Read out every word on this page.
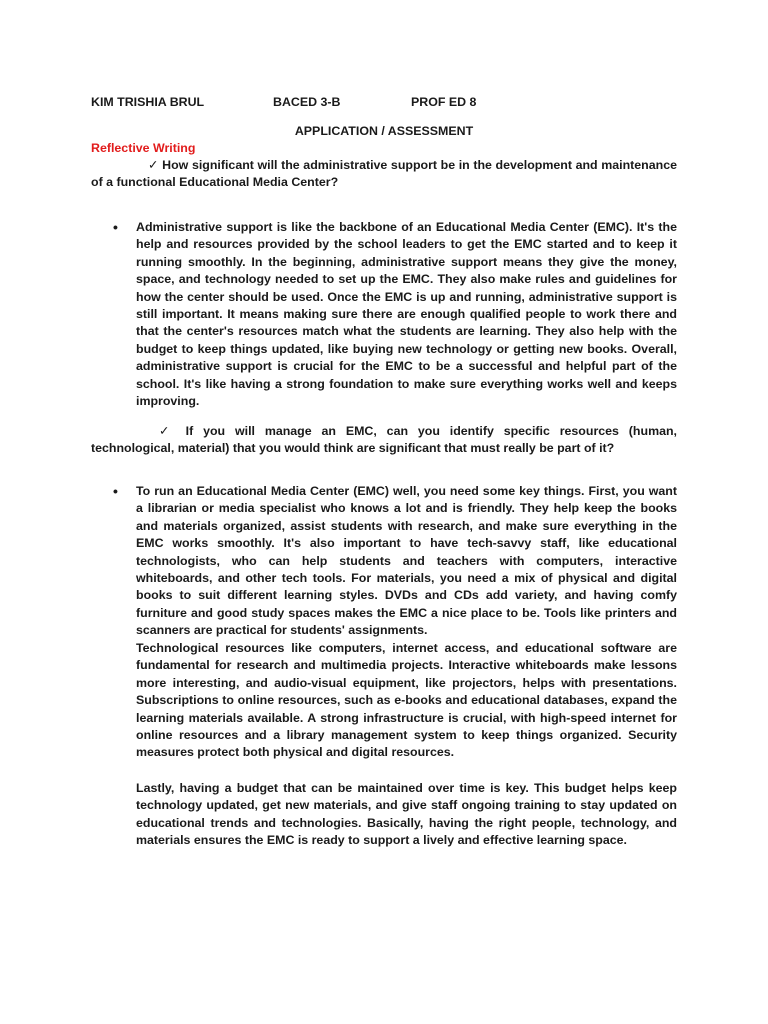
KIM TRISHIA BRUL	BACED 3-B	PROF ED 8
APPLICATION / ASSESSMENT
Reflective Writing
✓ How significant will the administrative support be in the development and maintenance of a functional Educational Media Center?
• Administrative support is like the backbone of an Educational Media Center (EMC). It's the help and resources provided by the school leaders to get the EMC started and to keep it running smoothly. In the beginning, administrative support means they give the money, space, and technology needed to set up the EMC. They also make rules and guidelines for how the center should be used. Once the EMC is up and running, administrative support is still important. It means making sure there are enough qualified people to work there and that the center's resources match what the students are learning. They also help with the budget to keep things updated, like buying new technology or getting new books. Overall, administrative support is crucial for the EMC to be a successful and helpful part of the school. It's like having a strong foundation to make sure everything works well and keeps improving.
✓ If you will manage an EMC, can you identify specific resources (human, technological, material) that you would think are significant that must really be part of it?
• To run an Educational Media Center (EMC) well, you need some key things. First, you want a librarian or media specialist who knows a lot and is friendly. They help keep the books and materials organized, assist students with research, and make sure everything in the EMC works smoothly. It's also important to have tech-savvy staff, like educational technologists, who can help students and teachers with computers, interactive whiteboards, and other tech tools. For materials, you need a mix of physical and digital books to suit different learning styles. DVDs and CDs add variety, and having comfy furniture and good study spaces makes the EMC a nice place to be. Tools like printers and scanners are practical for students' assignments.
Technological resources like computers, internet access, and educational software are fundamental for research and multimedia projects. Interactive whiteboards make lessons more interesting, and audio-visual equipment, like projectors, helps with presentations. Subscriptions to online resources, such as e-books and educational databases, expand the learning materials available. A strong infrastructure is crucial, with high-speed internet for online resources and a library management system to keep things organized. Security measures protect both physical and digital resources.
Lastly, having a budget that can be maintained over time is key. This budget helps keep technology updated, get new materials, and give staff ongoing training to stay updated on educational trends and technologies. Basically, having the right people, technology, and materials ensures the EMC is ready to support a lively and effective learning space.
